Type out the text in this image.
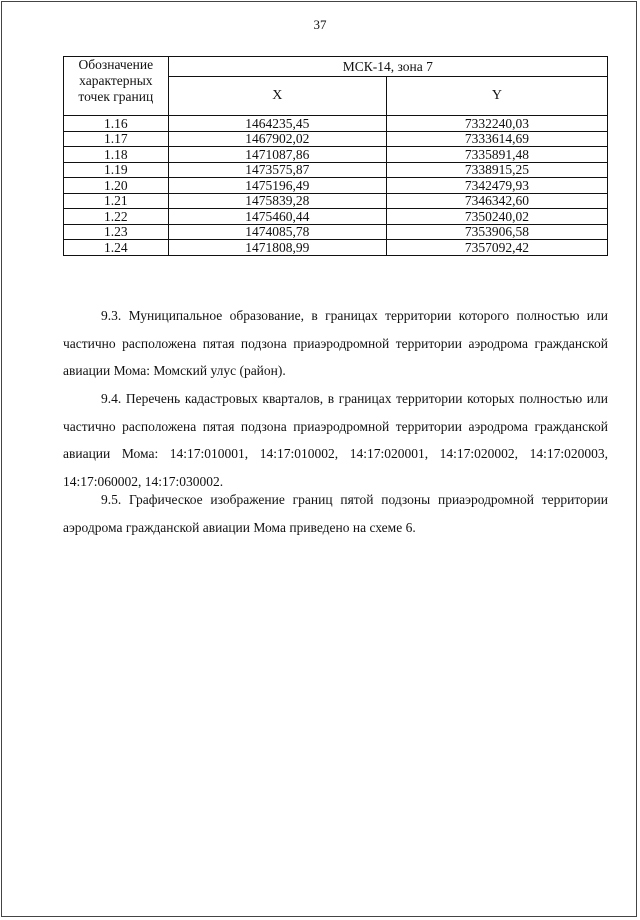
37
Обозначение характерных точек границ	МСК-14, зона 7	
	X	Y
1.16	1464235,45	7332240,03
1.17	1467902,02	7333614,69
1.18	1471087,86	7335891,48
1.19	1473575,87	7338915,25
1.20	1475196,49	7342479,93
1.21	1475839,28	7346342,60
1.22	1475460,44	7350240,02
1.23	1474085,78	7353906,58
1.24	1471808,99	7357092,42

9.3. Муниципальное образование, в границах территории которого полностью или частично расположена пятая подзона приаэродромной территории аэродрома гражданской авиации Мома: Момский улус (район).

9.4. Перечень кадастровых кварталов, в границах территории которых полностью или частично расположена пятая подзона приаэродромной территории аэродрома гражданской авиации Мома: 14:17:010001, 14:17:010002, 14:17:020001, 14:17:020002, 14:17:020003, 14:17:060002, 14:17:030002.

9.5. Графическое изображение границ пятой подзоны приаэродромной территории аэродрома гражданской авиации Мома приведено на схеме 6.
